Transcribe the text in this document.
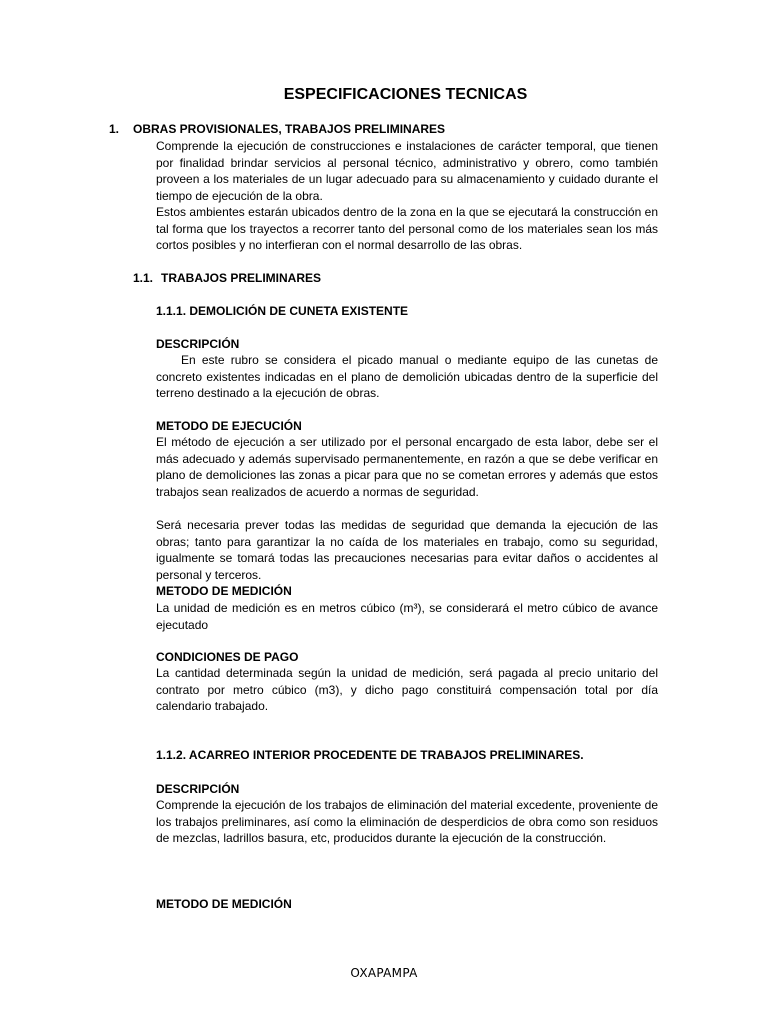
ESPECIFICACIONES TECNICAS
1. OBRAS PROVISIONALES, TRABAJOS PRELIMINARES

Comprende la ejecución de construcciones e instalaciones de carácter temporal, que tienen por finalidad brindar servicios al personal técnico, administrativo y obrero, como también proveen a los materiales de un lugar adecuado para su almacenamiento y cuidado durante el tiempo de ejecución de la obra.

Estos ambientes estarán ubicados dentro de la zona en la que se ejecutará la construcción en tal forma que los trayectos a recorrer tanto del personal como de los materiales sean los más cortos posibles y no interfieran con el normal desarrollo de las obras.

1.1. TRABAJOS PRELIMINARES
1.1.1. DEMOLICIÓN DE CUNETA EXISTENTE
DESCRIPCIÓN

En este rubro se considera el picado manual o mediante equipo de las cunetas de concreto existentes indicadas en el plano de demolición ubicadas dentro de la superficie del terreno destinado a la ejecución de obras.

METODO DE EJECUCIÓN

El método de ejecución a ser utilizado por el personal encargado de esta labor, debe ser el más adecuado y además supervisado permanentemente, en razón a que se debe verificar en plano de demoliciones las zonas a picar para que no se cometan errores y además que estos trabajos sean realizados de acuerdo a normas de seguridad.

Será necesaria prever todas las medidas de seguridad que demanda la ejecución de las obras; tanto para garantizar la no caída de los materiales en trabajo, como su seguridad, igualmente se tomará todas las precauciones necesarias para evitar daños o accidentes al personal y terceros.

METODO DE MEDICIÓN

La unidad de medición es en metros cúbico (m³), se considerará el metro cúbico de avance ejecutado

CONDICIONES DE PAGO

La cantidad determinada según la unidad de medición, será pagada al precio unitario del contrato por metro cúbico (m3), y dicho pago constituirá compensación total por día calendario trabajado.

1.1.2. ACARREO INTERIOR PROCEDENTE DE TRABAJOS PRELIMINARES.
DESCRIPCIÓN

Comprende la ejecución de los trabajos de eliminación del material excedente, proveniente de los trabajos preliminares, así como la eliminación de desperdicios de obra como son residuos de mezclas, ladrillos basura, etc, producidos durante la ejecución de la construcción.

METODO DE MEDICIÓN
OXAPAMPA
